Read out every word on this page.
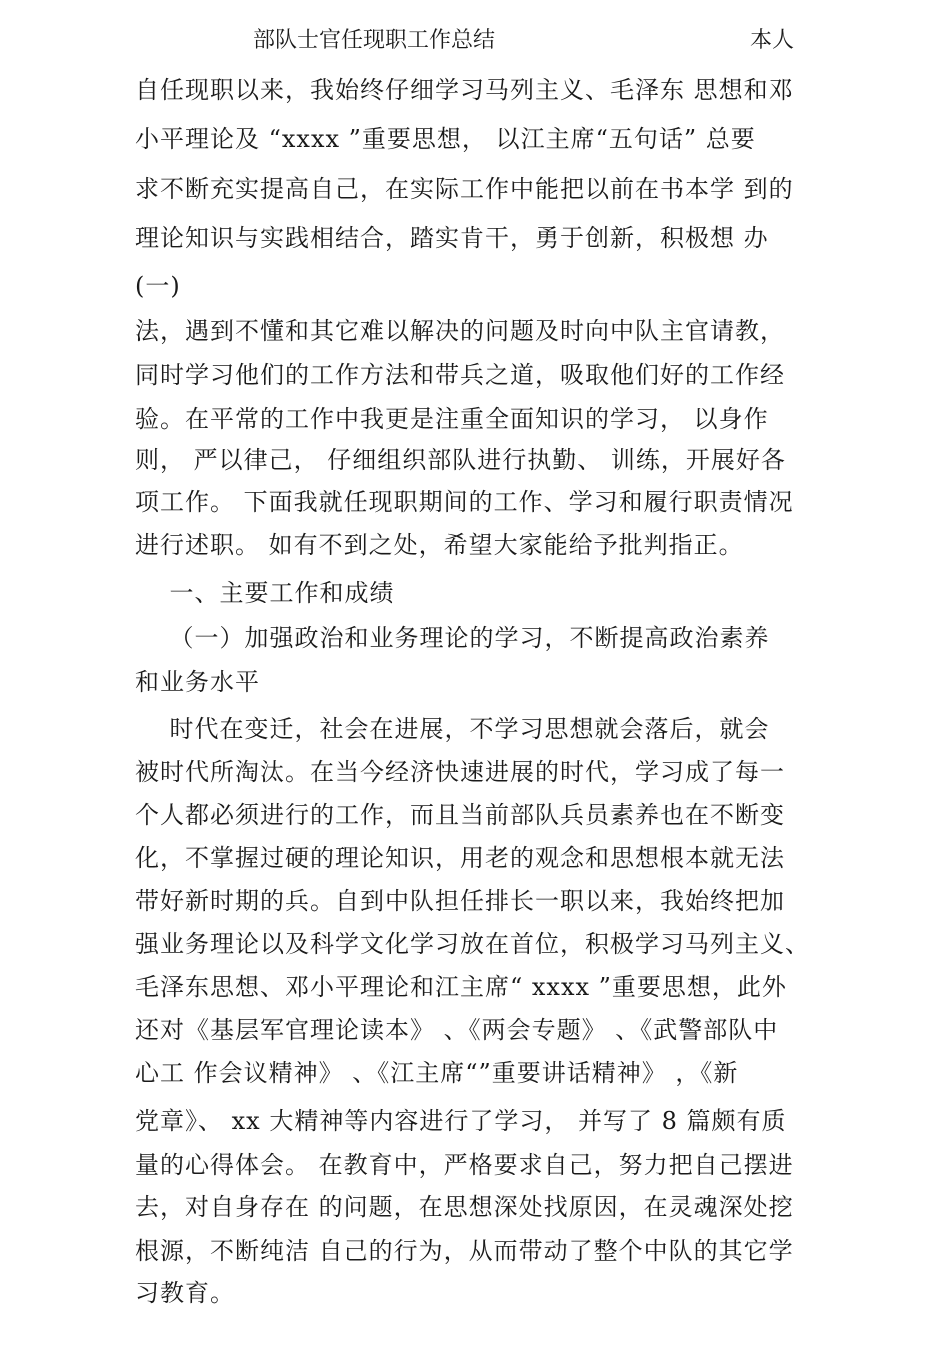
部队士官任现职工作总结	本人
自任现职以来，我始终仔细学习马列主义、毛泽东 思想和邓
小平理论及 “xxxx ”重要思想， 以江主席“五句话” 总要
求不断充实提高自己，在实际工作中能把以前在书本学 到的
理论知识与实践相结合，踏实肯干，勇于创新，积极想 办
(一)
法，遇到不懂和其它难以解决的问题及时向中队主官请教，
同时学习他们的工作方法和带兵之道，吸取他们好的工作经
验。在平常的工作中我更是注重全面知识的学习， 以身作
则， 严以律己， 仔细组织部队进行执勤、 训练，开展好各
项工作。 下面我就任现职期间的工作、学习和履行职责情况
进行述职。 如有不到之处，希望大家能给予批判指正。
一、主要工作和成绩
（一）加强政治和业务理论的学习，不断提高政治素养
和业务水平
时代在变迁，社会在进展，不学习思想就会落后，就会
被时代所淘汰。在当今经济快速进展的时代，学习成了每一
个人都必须进行的工作，而且当前部队兵员素养也在不断变
化，不掌握过硬的理论知识，用老的观念和思想根本就无法
带好新时期的兵。自到中队担任排长一职以来，我始终把加
强业务理论以及科学文化学习放在首位，积极学习马列主义、
毛泽东思想、邓小平理论和江主席“ xxxx ”重要思想，此外
还对《基层军官理论读本》 、《两会专题》 、《武警部队中
心工 作会议精神》 、《江主席“”重要讲话精神》 ，《新
党章》、 xx 大精神等内容进行了学习， 并写了 8 篇颇有质
量的心得体会。 在教育中，严格要求自己，努力把自己摆进
去，对自身存在 的问题，在思想深处找原因，在灵魂深处挖
根源，不断纯洁 自己的行为，从而带动了整个中队的其它学
习教育。
